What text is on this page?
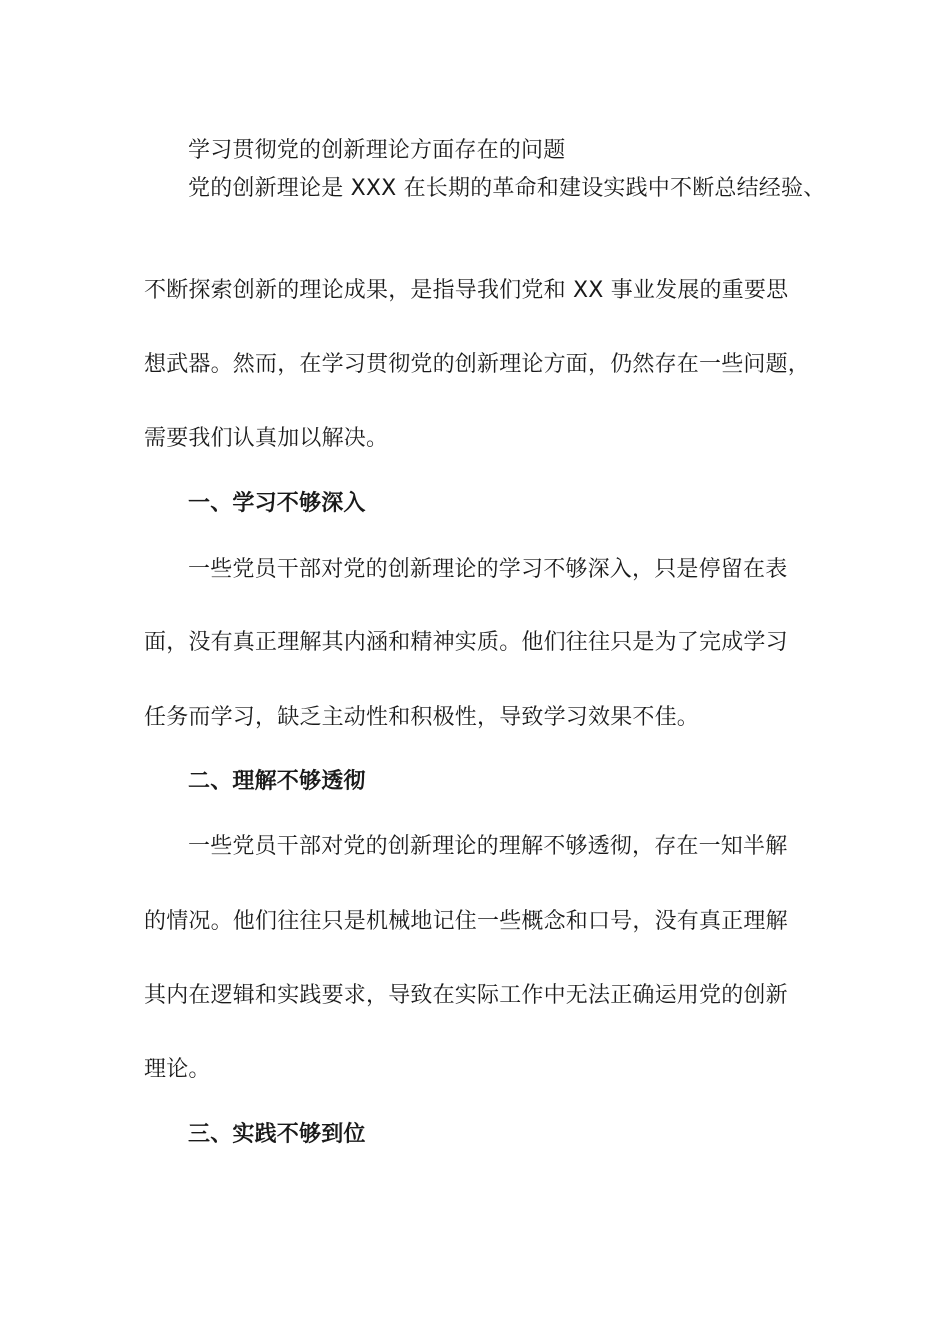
学习贯彻党的创新理论方面存在的问题
党的创新理论是 XXX 在长期的革命和建设实践中不断总结经验、
不断探索创新的理论成果，是指导我们党和 XX 事业发展的重要思
想武器。然而，在学习贯彻党的创新理论方面，仍然存在一些问题，
需要我们认真加以解决。
一、学习不够深入
一些党员干部对党的创新理论的学习不够深入，只是停留在表
面，没有真正理解其内涵和精神实质。他们往往只是为了完成学习
任务而学习，缺乏主动性和积极性，导致学习效果不佳。
二、理解不够透彻
一些党员干部对党的创新理论的理解不够透彻，存在一知半解
的情况。他们往往只是机械地记住一些概念和口号，没有真正理解
其内在逻辑和实践要求，导致在实际工作中无法正确运用党的创新
理论。
三、实践不够到位
